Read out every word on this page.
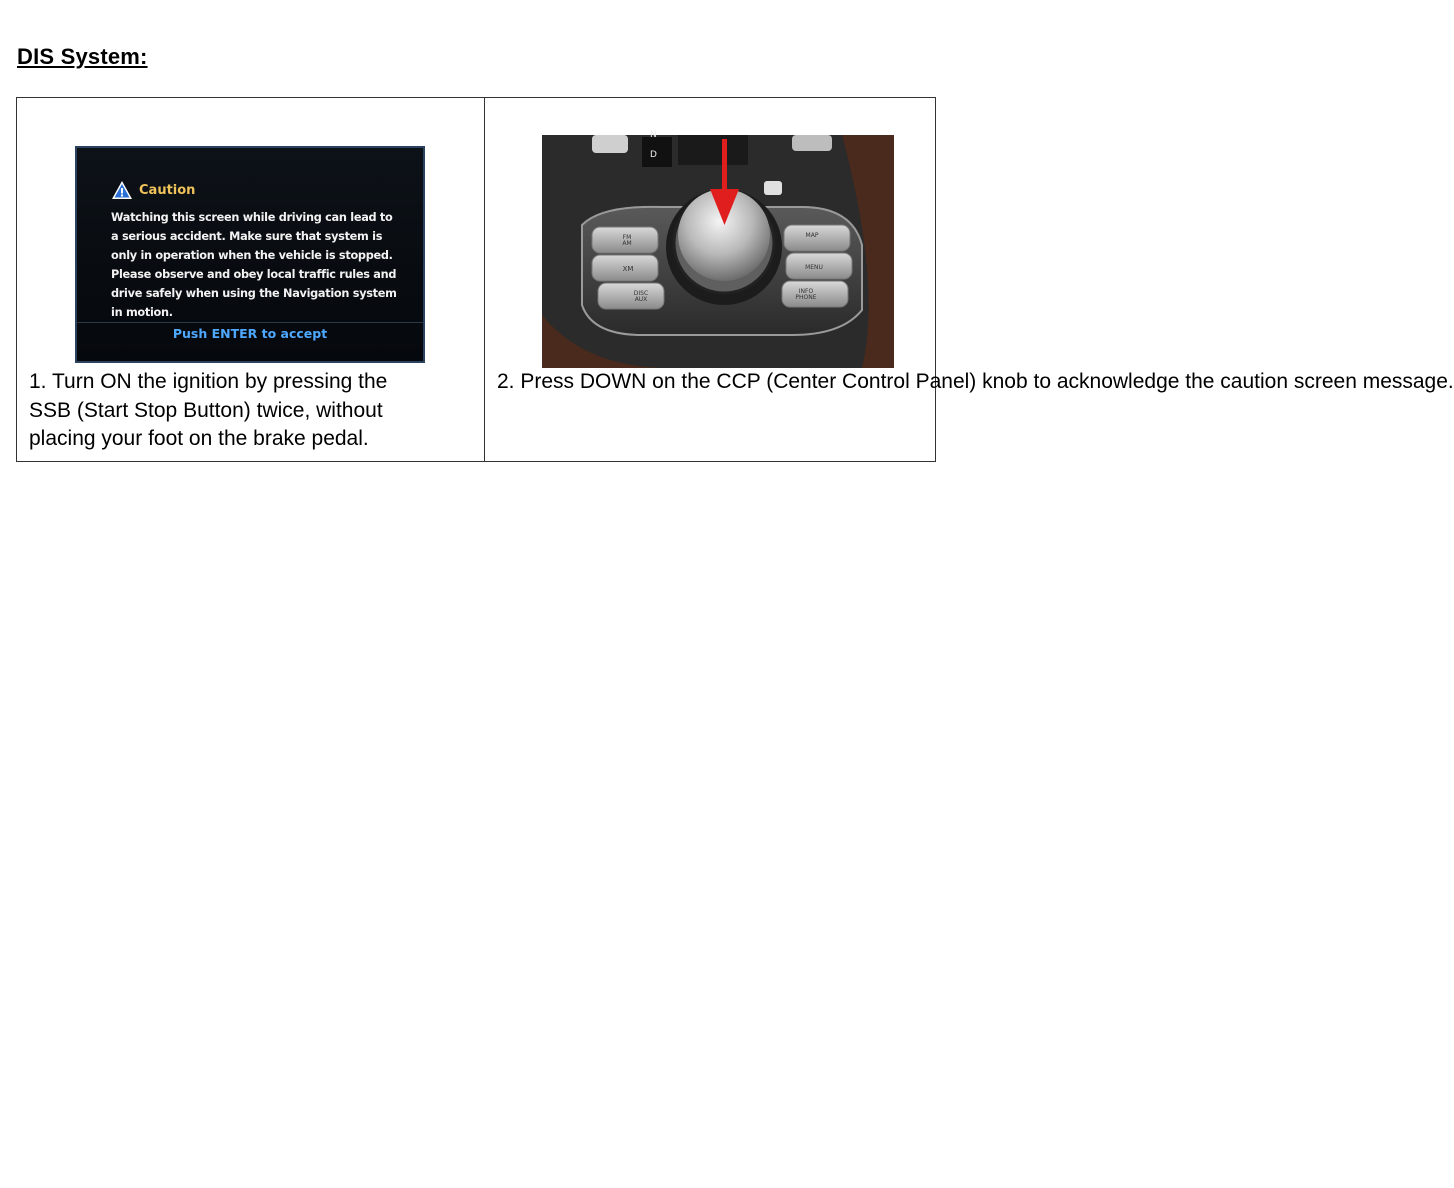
DIS System:
Caution
Watching this screen while driving can lead to
a serious accident. Make sure that system is
only in operation when the vehicle is stopped.
Please observe and obey local traffic rules and
drive safely when using the Navigation system
in motion.
Push ENTER to accept
1. Turn ON the ignition by pressing the
SSB (Start Stop Button) twice, without
placing your foot on the brake pedal.
N
D
FM AM
XM
DISC AUX
MAP
MENU
INFO PHONE
2. Press DOWN on the CCP (Center Control Panel) knob to acknowledge the caution screen message.
